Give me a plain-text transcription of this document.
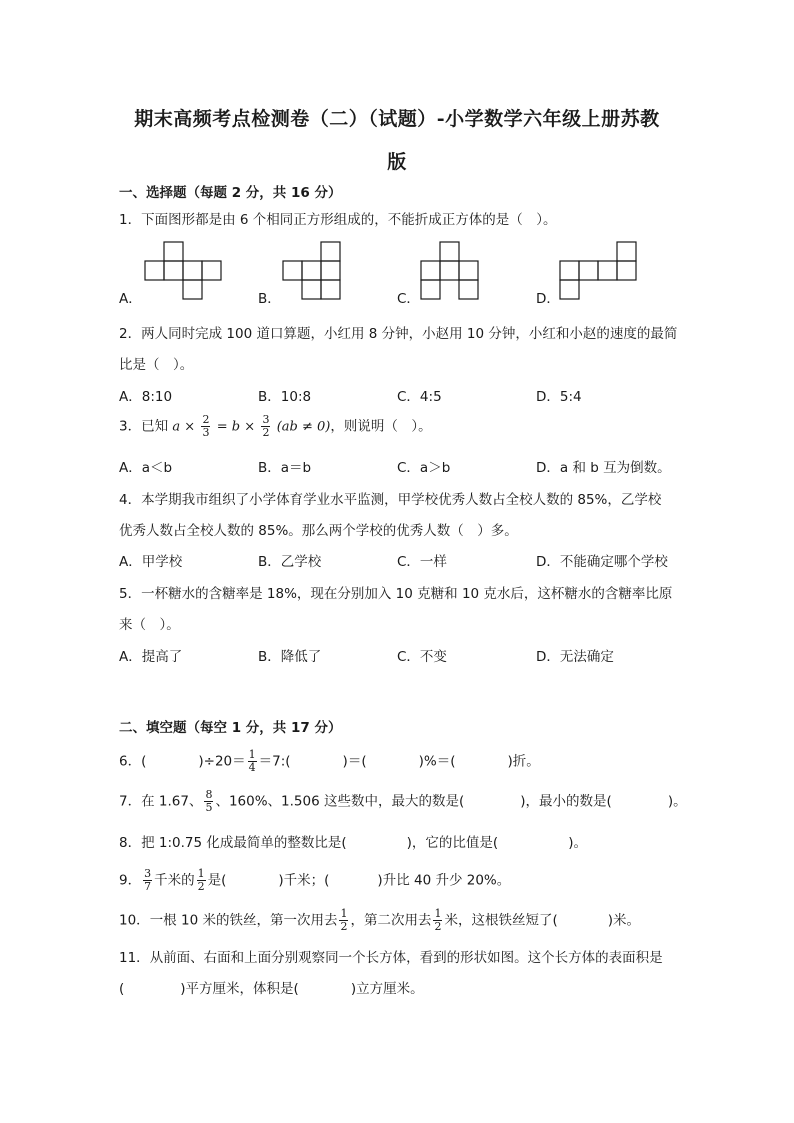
期末高频考点检测卷（二）（试题）-小学数学六年级上册苏教
版
一、选择题（每题 2 分，共 16 分）
1．下面图形都是由 6 个相同正方形组成的，不能折成正方体的是（　）。
A．	B．	C．	D．
2．两人同时完成 100 道口算题，小红用 8 分钟，小赵用 10 分钟，小红和小赵的速度的最简
比是（　）。
A．8:10	B．10:8	C．4:5	D．5:4
3．已知 $a \times \frac{2}{3} = b \times \frac{3}{2} (ab \ne 0)$，则说明（　）。
A．a＜b	B．a＝b	C．a＞b	D．a 和 b 互为倒数。
4．本学期我市组织了小学体育学业水平监测，甲学校优秀人数占全校人数的 85%，乙学校
优秀人数占全校人数的 85%。那么两个学校的优秀人数（　）多。
A．甲学校	B．乙学校	C．一样	D．不能确定哪个学校
5．一杯糖水的含糖率是 18%，现在分别加入 10 克糖和 10 克水后，这杯糖水的含糖率比原
来（　）。
A．提高了	B．降低了	C．不变	D．无法确定
二、填空题（每空 1 分，共 17 分）
6．(	)$\div 20= \frac{1}{4}$ ＝7:(	)＝(	)%＝(	)折。
7．在 1.67、 $\frac{8}{5}$ 、160%、1.506 这些数中，最大的数是(	)，最小的数是(	)。
8．把 1:0.75 化成最简单的整数比是(	)，它的比值是(	)。
9． $\frac{3}{7}$ 千米的 $\frac{1}{2}$ 是(	)千米；(	)升比 40 升少 20%。
10．一根 10 米的铁丝，第一次用去 $\frac{1}{2}$ ，第二次用去 $\frac{1}{2}$ 米，这根铁丝短了(	)米。
11．从前面、右面和上面分别观察同一个长方体，看到的形状如图。这个长方体的表面积是
(	)平方厘米，体积是(	)立方厘米。
